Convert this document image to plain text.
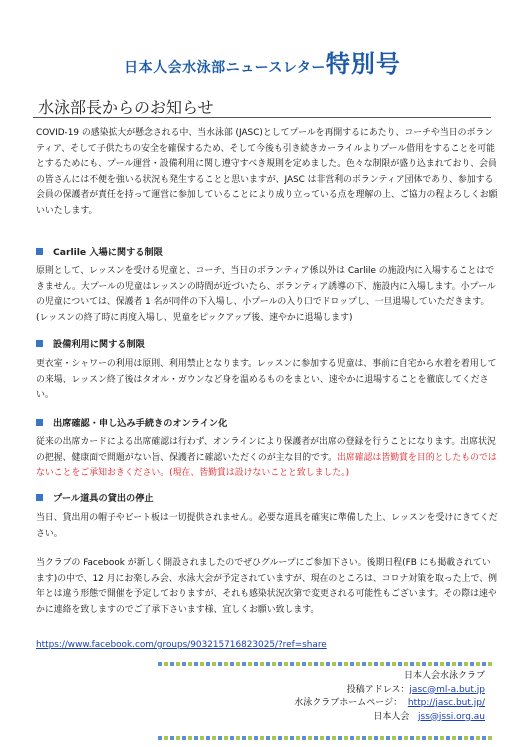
日本人会水泳部ニュースレター特別号
水泳部長からのお知らせ
COVID-19 の感染拡大が懸念される中、当水泳部 (JASC)としてプールを再開するにあたり、コーチや当日のボランティア、そして子供たちの安全を確保するため、そして今後も引き続きカーライルよりプール借用をすることを可能とするためにも、プール運営・設備利用に関し遵守すべき規則を定めました。色々な制限が盛り込まれており、会員の皆さんには不便を強いる状況も発生することと思いますが、JASC は非営利のボランティア団体であり、参加する会員の保護者が責任を持って運営に参加していることにより成り立っている点を理解の上、ご協力の程よろしくお願いいたします。
Carlile 入場に関する制限
原則として、レッスンを受ける児童と、コーチ、当日のボランティア係以外は Carlile の施設内に入場することはできません。大プールの児童はレッスンの時間が近づいたら、ボランティア誘導の下、施設内に入場します。小プールの児童については、保護者 1 名が同伴の下入場し、小プールの入り口でドロップし、一旦退場していただきます。(レッスンの終了時に再度入場し、児童をピックアップ後、速やかに退場します)
設備利用に関する制限
更衣室・シャワーの利用は原則、利用禁止となります。レッスンに参加する児童は、事前に自宅から水着を着用しての来場、レッスン終了後はタオル・ガウンなど身を温めるものをまとい、速やかに退場することを徹底してください。
出席確認・申し込み手続きのオンライン化
従来の出席カードによる出席確認は行わず、オンラインにより保護者が出席の登録を行うことになります。出席状況の把握、健康面で問題がない旨、保護者に確認いただくのが主な目的です。出席確認は皆勤賞を目的としたものではないことをご承知おきください。(現在、皆勤賞は設けないことと致しました。)
プール道具の貸出の停止
当日、貸出用の帽子やビート板は一切提供されません。必要な道具を確実に準備した上、レッスンを受けにきてください。
当クラブの Facebook が新しく開設されましたのでぜひグループにご参加下さい。後期日程(FB にも掲載されています)の中で、12 月にお楽しみ会、水泳大会が予定されていますが、現在のところは、コロナ対策を取った上で、例年とは違う形態で開催を予定しておりますが、それも感染状況次第で変更される可能性もございます。その際は速やかに連絡を致しますのでご了承下さいます様、宜しくお願い致します。
https://www.facebook.com/groups/903215716823025/?ref=share
日本人会水泳クラブ
投稿アドレス：jasc@ml-a.but.jp
水泳クラブホームページ： http://jasc.but.jp/
日本人会 jss@jssi.org.au
